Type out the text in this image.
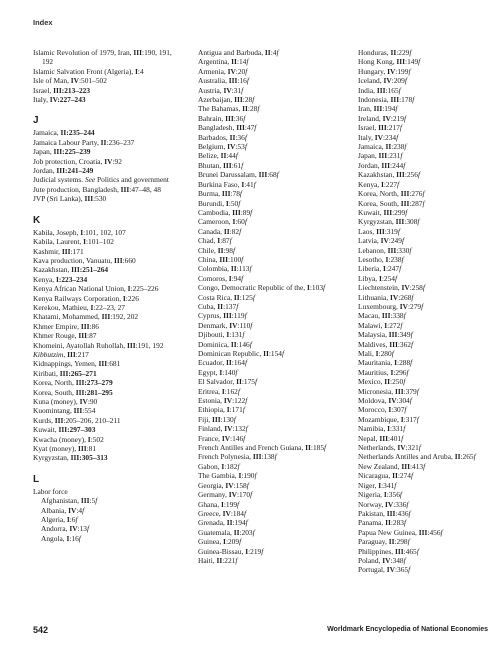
Index
Islamic Revolution of 1979, Iran, III:190, 191, 192
Islamic Salvation Front (Algeria), I:4
Isle of Man, IV:501–502
Israel, III:213–223
Italy, IV:227–243
J
Jamaica, II:235–244
Jamaica Labour Party, II:236–237
Japan, III:225–239
Job protection, Croatia, IV:92
Jordan, III:241–249
Judicial systems. See Politics and government
Jute production, Bangladesh, III:47–48, 48
JVP (Sri Lanka), III:530
K
Kabila, Joseph, I:101, 102, 107
Kabila, Laurent, I:101–102
Kashmir, III:171
Kava production, Vanuatu, III:660
Kazakhstan, III:251–264
Kenya, I:223–234
Kenya African National Union, I:225–226
Kenya Railways Corporation, I:226
Kerekou, Mathieu, I:22–23, 27
Khatami, Mohammed, III:192, 202
Khmer Empire, III:86
Khmer Rouge, III:87
Khomeini, Ayatollah Ruhollah, III:191, 192
Kibbutzim, III:217
Kidnappings, Yemen, III:681
Kiribati, III:265–271
Korea, North, III:273–279
Korea, South, III:281–295
Kuna (money), IV:90
Kuomintang, III:554
Kurds, III:205–206, 210–211
Kuwait, III:297–303
Kwacha (money), I:502
Kyat (money), III:81
Kyrgyzstan, III:305–313
L
Labor force
Afghanistan, III:5f
Albania, IV:4f
Algeria, I:6f
Andorra, IV:13f
Angola, I:16f
Antigua and Barbuda, II:4f
Argentina, II:14f
Armenia, IV:20f
Australia, III:16f
Austria, IV:31f
Azerbaijan, III:28f
The Bahamas, II:28f
Bahrain, III:36f
Bangladesh, III:47f
Barbados, II:36f
Belgium, IV:53f
Belize, II:44f
Bhutan, III:61f
Brunei Darussalam, III:68f
Burkina Faso, I:41f
Burma, III:78f
Burundi, I:50f
Cambodia, III:89f
Cameroon, I:60f
Canada, II:82f
Chad, I:87f
Chile, II:98f
China, III:100f
Colombia, II:113f
Comoros, I:94f
Congo, Democratic Republic of the, I:103f
Costa Rica, II:125f
Cuba, II:137f
Cyprus, III:119f
Denmark, IV:110f
Djibouti, I:131f
Dominica, II:146f
Dominican Republic, II:154f
Ecuador, II:164f
Egypt, I:140f
El Salvador, II:175f
Eritrea, I:162f
Estonia, IV:122f
Ethiopia, I:171f
Fiji, III:130f
Finland, IV:132f
France, IV:146f
French Antilles and French Guiana, II:185f
French Polynesia, III:138f
Gabon, I:182f
The Gambia, I:190f
Georgia, IV:158f
Germany, IV:170f
Ghana, I:199f
Greece, IV:184f
Grenada, II:194f
Guatemala, II:203f
Guinea, I:209f
Guinea-Bissau, I:219f
Haiti, II:221f
Honduras, II:229f
Hong Kong, III:149f
Hungary, IV:199f
Iceland, IV:209f
India, III:165f
Indonesia, III:178f
Iran, III:194f
Ireland, IV:219f
Israel, III:217f
Italy, IV:234f
Jamaica, II:238f
Japan, III:231f
Jordan, III:244f
Kazakhstan, III:256f
Kenya, I:227f
Korea, North, III:276f
Korea, South, III:287f
Kuwait, III:299f
Kyrgyzstan, III:308f
Laos, III:319f
Latvia, IV:249f
Lebanon, III:330f
Lesotho, I:238f
Liberia, I:247f
Libya, I:254f
Liechtenstein, IV:258f
Lithuania, IV:268f
Luxembourg, IV:279f
Macau, III:338f
Malawi, I:272f
Malaysia, III:349f
Maldives, III:362f
Mali, I:280f
Mauritania, I:288f
Mauritius, I:296f
Mexico, II:250f
Micronesia, III:379f
Moldova, IV:304f
Morocco, I:307f
Mozambique, I:317f
Namibia, I:331f
Nepal, III:401f
Netherlands, IV:321f
Netherlands Antilles and Aruba, II:265f
New Zealand, III:413f
Nicaragua, II:274f
Niger, I:341f
Nigeria, I:356f
Norway, IV:336f
Pakistan, III:436f
Panama, II:283f
Papua New Guinea, III:456f
Paraguay, II:298f
Philippines, III:465f
Poland, IV:348f
Portugal, IV:365f
542	Worldmark Encyclopedia of National Economies
